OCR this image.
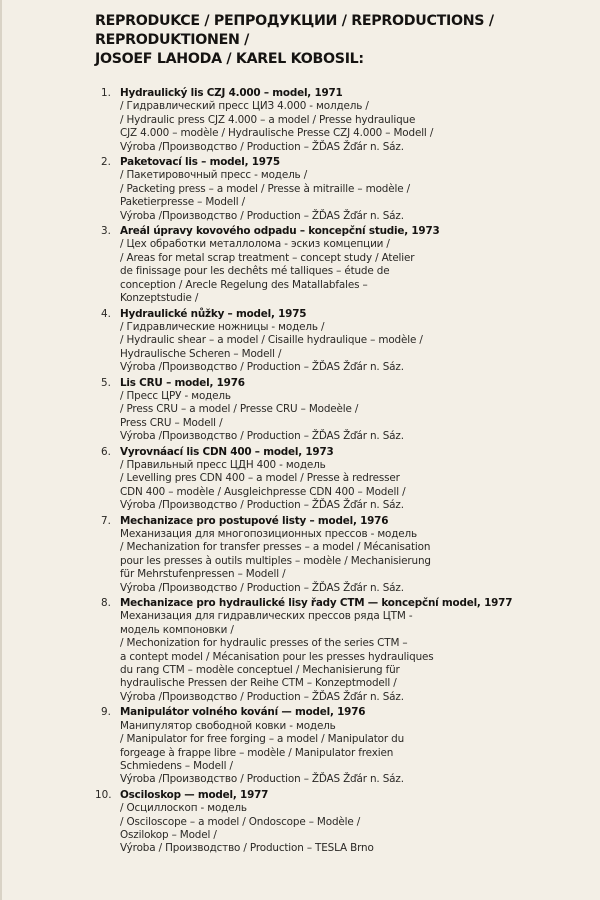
REPRODUKCE / РЕПРОДУКЦИИ / REPRODUCTIONS /
REPRODUKTIONEN /
JOSOEF LAHODA / KAREL KOBOSIL:
1. Hydraulický lis CZJ 4.000 – model, 1971
/ Гидравлический пресс ЦИЗ 4.000 - молдель /
/ Hydraulic press CJZ 4.000 – a model / Presse hydraulique
CJZ 4.000 – modèle / Hydraulische Presse CZJ 4.000 – Modell /
Výroba /Производство / Production – ŽĎAS Žďár n. Sáz.
2. Paketovací lis – model, 1975
/ Пакетировочный пресс - модель /
/ Packeting press – a model / Presse à mitraille – modèle /
Paketierpresse – Modell /
Výroba /Производство / Production – ŽĎAS Žďár n. Sáz.
3. Areál úpravy kovového odpadu – koncepční studie, 1973
/ Цех обработки металлолома - эскиз комцепции /
/ Areas for metal scrap treatment – concept study / Atelier
de finissage pour les dechêts mé talliques – étude de
conception / Arecle Regelung des Matallabfales –
Konzeptstudie /
4. Hydraulické nůžky – model, 1975
/ Гидравлические ножницы - модель /
/ Hydraulic shear – a model / Cisaille hydraulique – modèle /
Hydraulische Scheren – Modell /
Výroba /Производство / Production – ŽĎAS Žďár n. Sáz.
5. Lis CRU – model, 1976
/ Пресс ЦРУ - модель
/ Press CRU – a model / Presse CRU – Modeèle /
Press CRU – Modell /
Výroba /Производство / Production – ŽĎAS Žďár n. Sáz.
6. Vyrovnáací lis CDN 400 – model, 1973
/ Правильный пресс ЦДН 400 - модель
/ Levelling pres CDN 400 – a model / Presse à redresser
CDN 400 – modèle / Ausgleichpresse CDN 400 – Modell /
Výroba /Производство / Production – ŽĎAS Žďár n. Sáz.
7. Mechanizace pro postupové listy – model, 1976
Механизация для многопозиционных прессов - модель
/ Mechanization for transfer presses – a model / Mécanisation
pour les presses à outils multiples – modèle / Mechanisierung
für Mehrstufenpressen – Modell /
Výroba /Производство / Production – ŽĎAS Žďár n. Sáz.
8. Mechanizace pro hydraulické lisy řady CTM — koncepční model, 1977
Механизация для гидравлических прессов ряда ЦТМ -
модель компоновки /
/ Mechonization for hydraulic presses of the series CTM –
a contept model / Mécanisation pour les presses hydrauliques
du rang CTM – modèle conceptuel / Mechanisierung für
hydraulische Pressen der Reihe CTM – Konzeptmodell /
Výroba /Производство / Production – ŽĎAS Žďár n. Sáz.
9. Manipulátor volného kování — model, 1976
Манипулятор свободной ковки - модель
/ Manipulator for free forging – a model / Manipulator du
forgeage à frappe libre – modèle / Manipulator frexien
Schmiedens – Modell /
Výroba /Производство / Production – ŽĎAS Žďár n. Sáz.
10. Osciloskop — model, 1977
/ Осциллоскоп - модель
/ Osciloscope – a model / Ondoscope – Modèle /
Oszilokop – Model /
Výroba / Производство / Production – TESLA Brno
